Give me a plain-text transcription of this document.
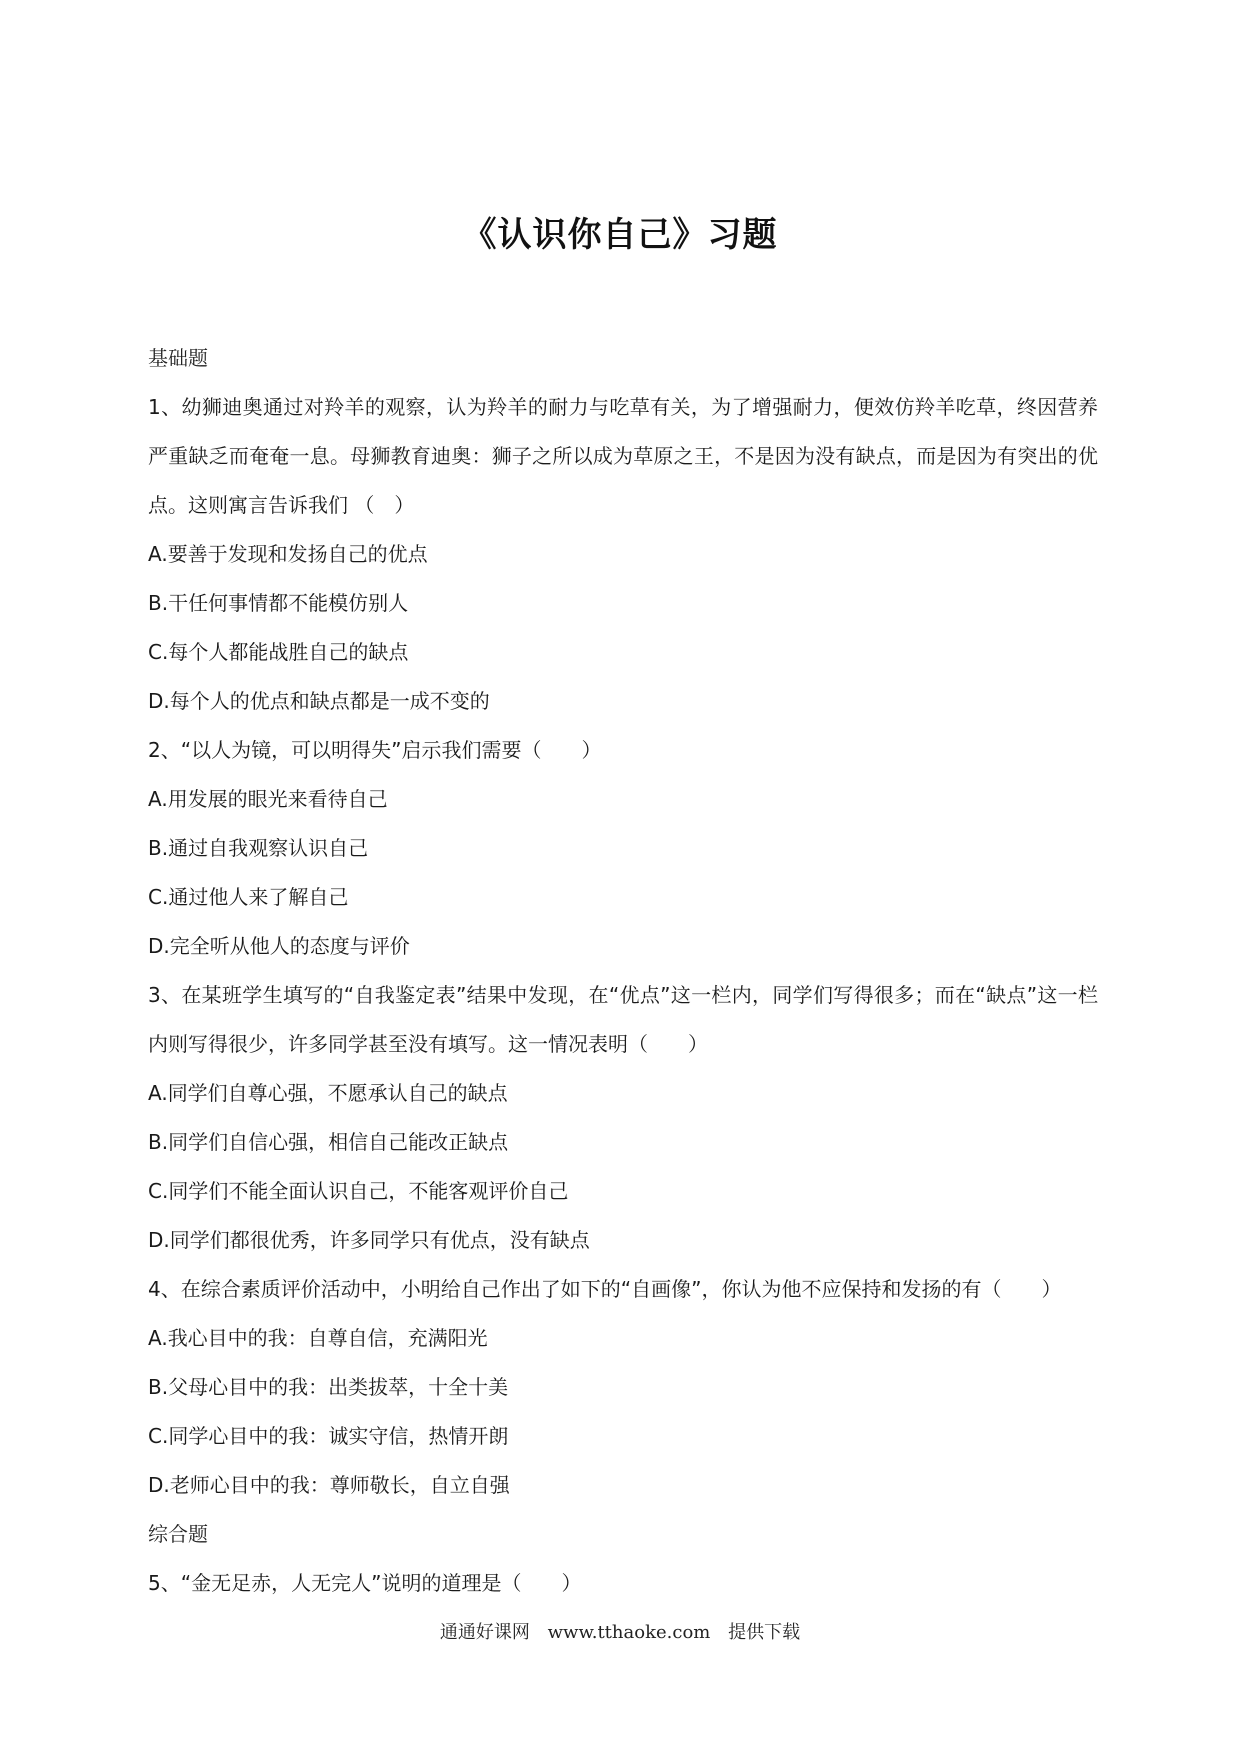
《认识你自己》习题
基础题
1、幼狮迪奥通过对羚羊的观察，认为羚羊的耐力与吃草有关，为了增强耐力，便效仿羚羊吃草，终因营养严重缺乏而奄奄一息。母狮教育迪奥：狮子之所以成为草原之王，不是因为没有缺点，而是因为有突出的优点。这则寓言告诉我们 （　）
A.要善于发现和发扬自己的优点
B.干任何事情都不能模仿别人
C.每个人都能战胜自己的缺点
D.每个人的优点和缺点都是一成不变的
2、“以人为镜，可以明得失”启示我们需要（　　）
A.用发展的眼光来看待自己
B.通过自我观察认识自己
C.通过他人来了解自己
D.完全听从他人的态度与评价
3、在某班学生填写的“自我鉴定表”结果中发现，在“优点”这一栏内，同学们写得很多；而在“缺点”这一栏内则写得很少，许多同学甚至没有填写。这一情况表明（　　）
A.同学们自尊心强，不愿承认自己的缺点
B.同学们自信心强，相信自己能改正缺点
C.同学们不能全面认识自己，不能客观评价自己
D.同学们都很优秀，许多同学只有优点，没有缺点
4、在综合素质评价活动中，小明给自己作出了如下的“自画像”，你认为他不应保持和发扬的有（　　）
A.我心目中的我：自尊自信，充满阳光
B.父母心目中的我：出类拔萃，十全十美
C.同学心目中的我：诚实守信，热情开朗
D.老师心目中的我：尊师敬长，自立自强
综合题
5、“金无足赤，人无完人”说明的道理是（　　）
通通好课网 www.tthaoke.com 提供下载
